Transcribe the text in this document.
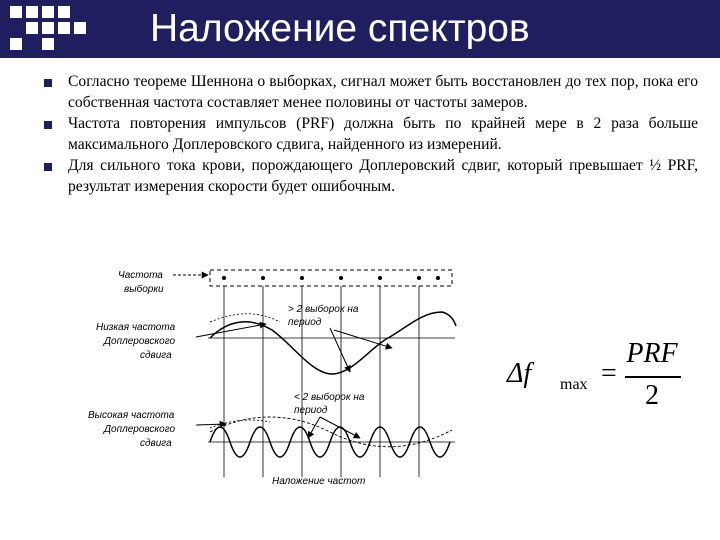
Наложение спектров
Согласно теореме Шеннона о выборках, сигнал может быть восстановлен до тех пор, пока его собственная частота составляет менее половины от частоты замеров.
Частота повторения импульсов (PRF) должна быть по крайней мере в 2 раза больше максимального Доплеровского сдвига, найденного из измерений.
Для сильного тока крови, порождающего Доплеровский сдвиг, который превышает ½ PRF, результат измерения скорости будет ошибочным.
Частота
выборки
Низкая частота
Доплеровского
сдвига
Высокая частота
Доплеровского
сдвига
> 2 выборок на
период
< 2 выборок на
период
Наложение частот
Δf max =
PRF
2
